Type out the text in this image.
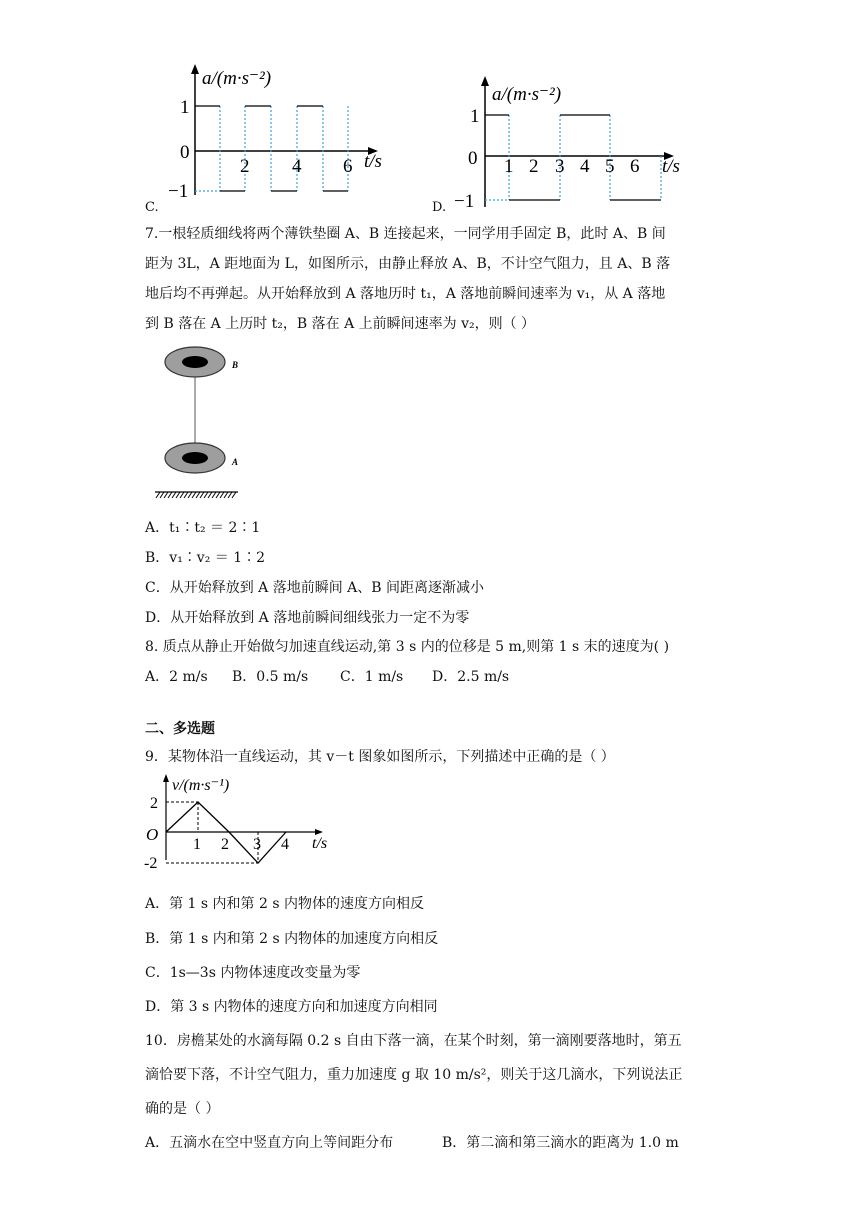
a/(m·s⁻²)
t/s
1
0
−1
2 4 6
C.
a/(m·s⁻²)
t/s
1
0
−1
1 2 3 4 5 6
D.
7.一根轻质细线将两个薄铁垫圈 A、B 连接起来，一同学用手固定 B，此时 A、B 间
距为 3L，A 距地面为 L，如图所示，由静止释放 A、B，不计空气阻力，且 A、B 落
地后均不再弹起。从开始释放到 A 落地历时 t₁，A 落地前瞬间速率为 v₁，从 A 落地
到 B 落在 A 上历时 t₂，B 落在 A 上前瞬间速率为 v₂，则（ ）
B
A
A．t₁∶t₂ ＝ 2∶1
B．v₁∶v₂ ＝ 1∶2
C．从开始释放到 A 落地前瞬间 A、B 间距离逐渐减小
D．从开始释放到 A 落地前瞬间细线张力一定不为零
8. 质点从静止开始做匀加速直线运动,第 3 s 内的位移是 5 m,则第 1 s 末的速度为( )
A．2 m/s B．0.5 m/s C．1 m/s D．2.5 m/s
二、多选题
9．某物体沿一直线运动，其 v－t 图象如图所示，下列描述中正确的是（ ）
v/(m·s⁻¹)
O
2
-2
1 2 3 4 t/s
A．第 1 s 内和第 2 s 内物体的速度方向相反
B．第 1 s 内和第 2 s 内物体的加速度方向相反
C．1s—3s 内物体速度改变量为零
D．第 3 s 内物体的速度方向和加速度方向相同
10．房檐某处的水滴每隔 0.2 s 自由下落一滴，在某个时刻，第一滴刚要落地时，第五
滴恰要下落，不计空气阻力，重力加速度 g 取 10 m/s²，则关于这几滴水，下列说法正
确的是（ ）
A．五滴水在空中竖直方向上等间距分布	B．第二滴和第三滴水的距离为 1.0 m
